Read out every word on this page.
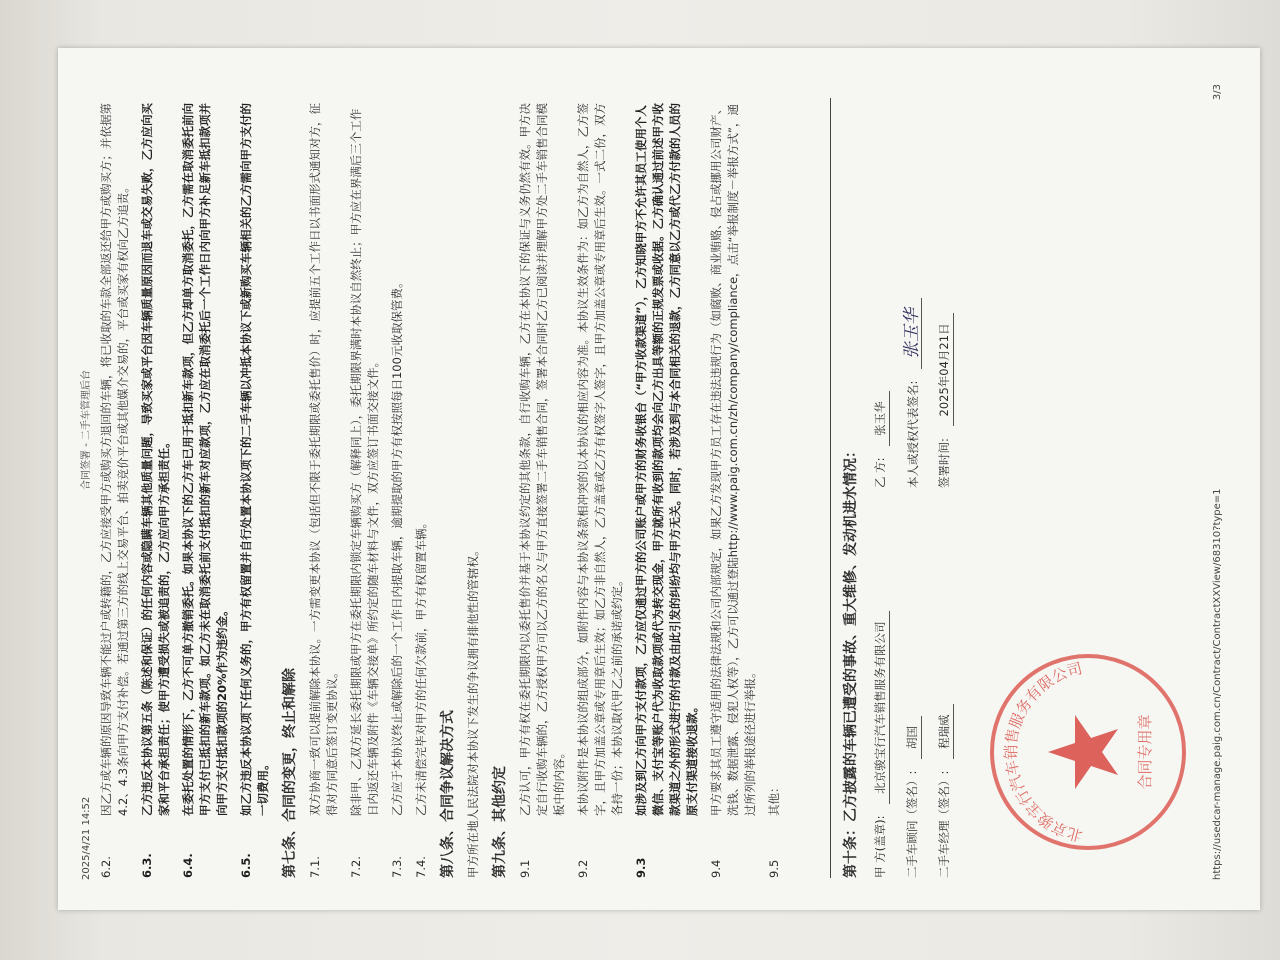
2025/4/21 14:52
合同签署 - 二手车管理后台
6.2.
因乙方或车辆的原因导致车辆不能过户或转籍的，乙方应接受甲方或购买方退回的车辆，将已收取的车款全部返还给甲方或购买方；并依据第4.2、4.3条向甲方支付补偿。若通过第三方的线上交易平台、拍卖竞价平台或其他媒介交易的，平台或买家有权向乙方追责。
6.3.
乙方违反本协议第五条（陈述和保证）的任何内容或隐瞒车辆其他质量问题，导致买家或平台因车辆质量原因而退车或交易失败，乙方应向买家和平台承担责任；使甲方遭受损失或被追责的，乙方应向甲方承担责任。
6.4.
在委托处置的情形下，乙方不可单方撤销委托。如果本协议下的乙方车已用于抵扣新车款项，但乙方却单方取消委托，乙方需在取消委托前向甲方支付已抵扣的新车款项。如乙方未在取消委托前支付抵扣的新车对应款项，乙方应在取消委托后一个工作日内向甲方补足新车抵扣款项并向甲方支付抵扣款项的20%作为违约金。
6.5.
如乙方违反本协议项下任何义务的，甲方有权留置并自行处置本协议项下的二手车辆以冲抵本协议下或新购买车辆相关的乙方需向甲方支付的一切费用。 第七条、合同的变更，终止和解除 7.1.
双方协商一致可以提前解除本协议。一方需变更本协议（包括但不限于委托期限或委托售价）时，应提前五个工作日以书面形式通知对方，征得对方同意后签订变更协议。
7.2.
除非甲、乙双方延长委托期限或甲方在委托期限内锁定车辆购买方（解释同上），委托期限界满时本协议自然终止；甲方应在界满后三个工作日内返还车辆及附件《车辆交接单》所约定的随车材料与文件，双方应签订书面交接文件。
7.3.
乙方应于本协议终止或解除后的一个工作日内提取车辆，逾期提取的甲方有权按照每日100元收取保管费。
7.4.
乙方未清偿完毕对甲方的任何欠款前，甲方有权留置车辆。 第八条、合同争议解决方式 甲方所在地人民法院对本协议下发生的争议拥有排他性的管辖权。 第九条、其他约定 9.1
乙方认可，甲方有权在委托期限内以委托售价并基于本协议约定的其他条款，自行收购车辆，乙方在本协议下的保证与义务仍然有效。甲方决定自行收购车辆的，乙方授权甲方可以乙方的名义与甲方直接签署二手车销售合同，签署本合同时乙方已阅读并理解甲方处二手车销售合同模板中的内容。
9.2
本协议附件是本协议的组成部分，如附件内容与本协议条款相冲突的以本协议的相应内容为准。本协议生效条件为：如乙方为自然人，乙方签字，且甲方加盖公章或专用章后生效；如乙方非自然人，乙方盖章或乙方有权签字人签字，且甲方加盖公章或专用章后生效。一式二份，双方各持一份；本协议取代甲乙之前的承诺或约定。
9.3
如涉及到乙方向甲方支付款项，乙方应仅通过甲方的公司账户或甲方的财务收银台（“甲方收款渠道”），乙方知晓甲方不允许其员工使用个人微信、支付宝等账户代为收取款项或代为转交现金，甲方就所有收到的款项均会向乙方出具等额的正规发票或收据。乙方确认通过前述甲方收款渠道之外的形式进行的付款及由此引发的纠纷均与甲方无关。同时，若涉及到与本合同相关的退款，乙方同意以乙方或代乙方付款的人员的原支付渠道接收退款。
9.4
甲方要求其员工遵守适用的法律法规和公司内部规定，如果乙方发现甲方员工存在违法违规行为（如腐败、商业贿赂、侵占或挪用公司财产、洗钱、数据泄露、侵犯人权等），乙方可以通过登陆http://www.paig.com.cn/zh/company/compliance，点击“举报制度－举报方式”，通过所列的举报途径进行举报。
9.5
其他：	第十条：乙方披露的车辆已遭受的事故、重大维修、发动机进水情况： 甲 方(盖章): 北京骏宝行汽车销售服务有限公司
二手车顾问（签名）: 胡国
二手车经理（签名）: 程瑞威
乙 方: 张玉华 本人或授权代表签名: 张玉华
签署时间: 2025年04月21日
北京骏宝行汽车销售服务有限公司
合同专用章	https://usedcar-manage.paig.com.cn/Contract/ContractXXView/68310?type=1
3/3
